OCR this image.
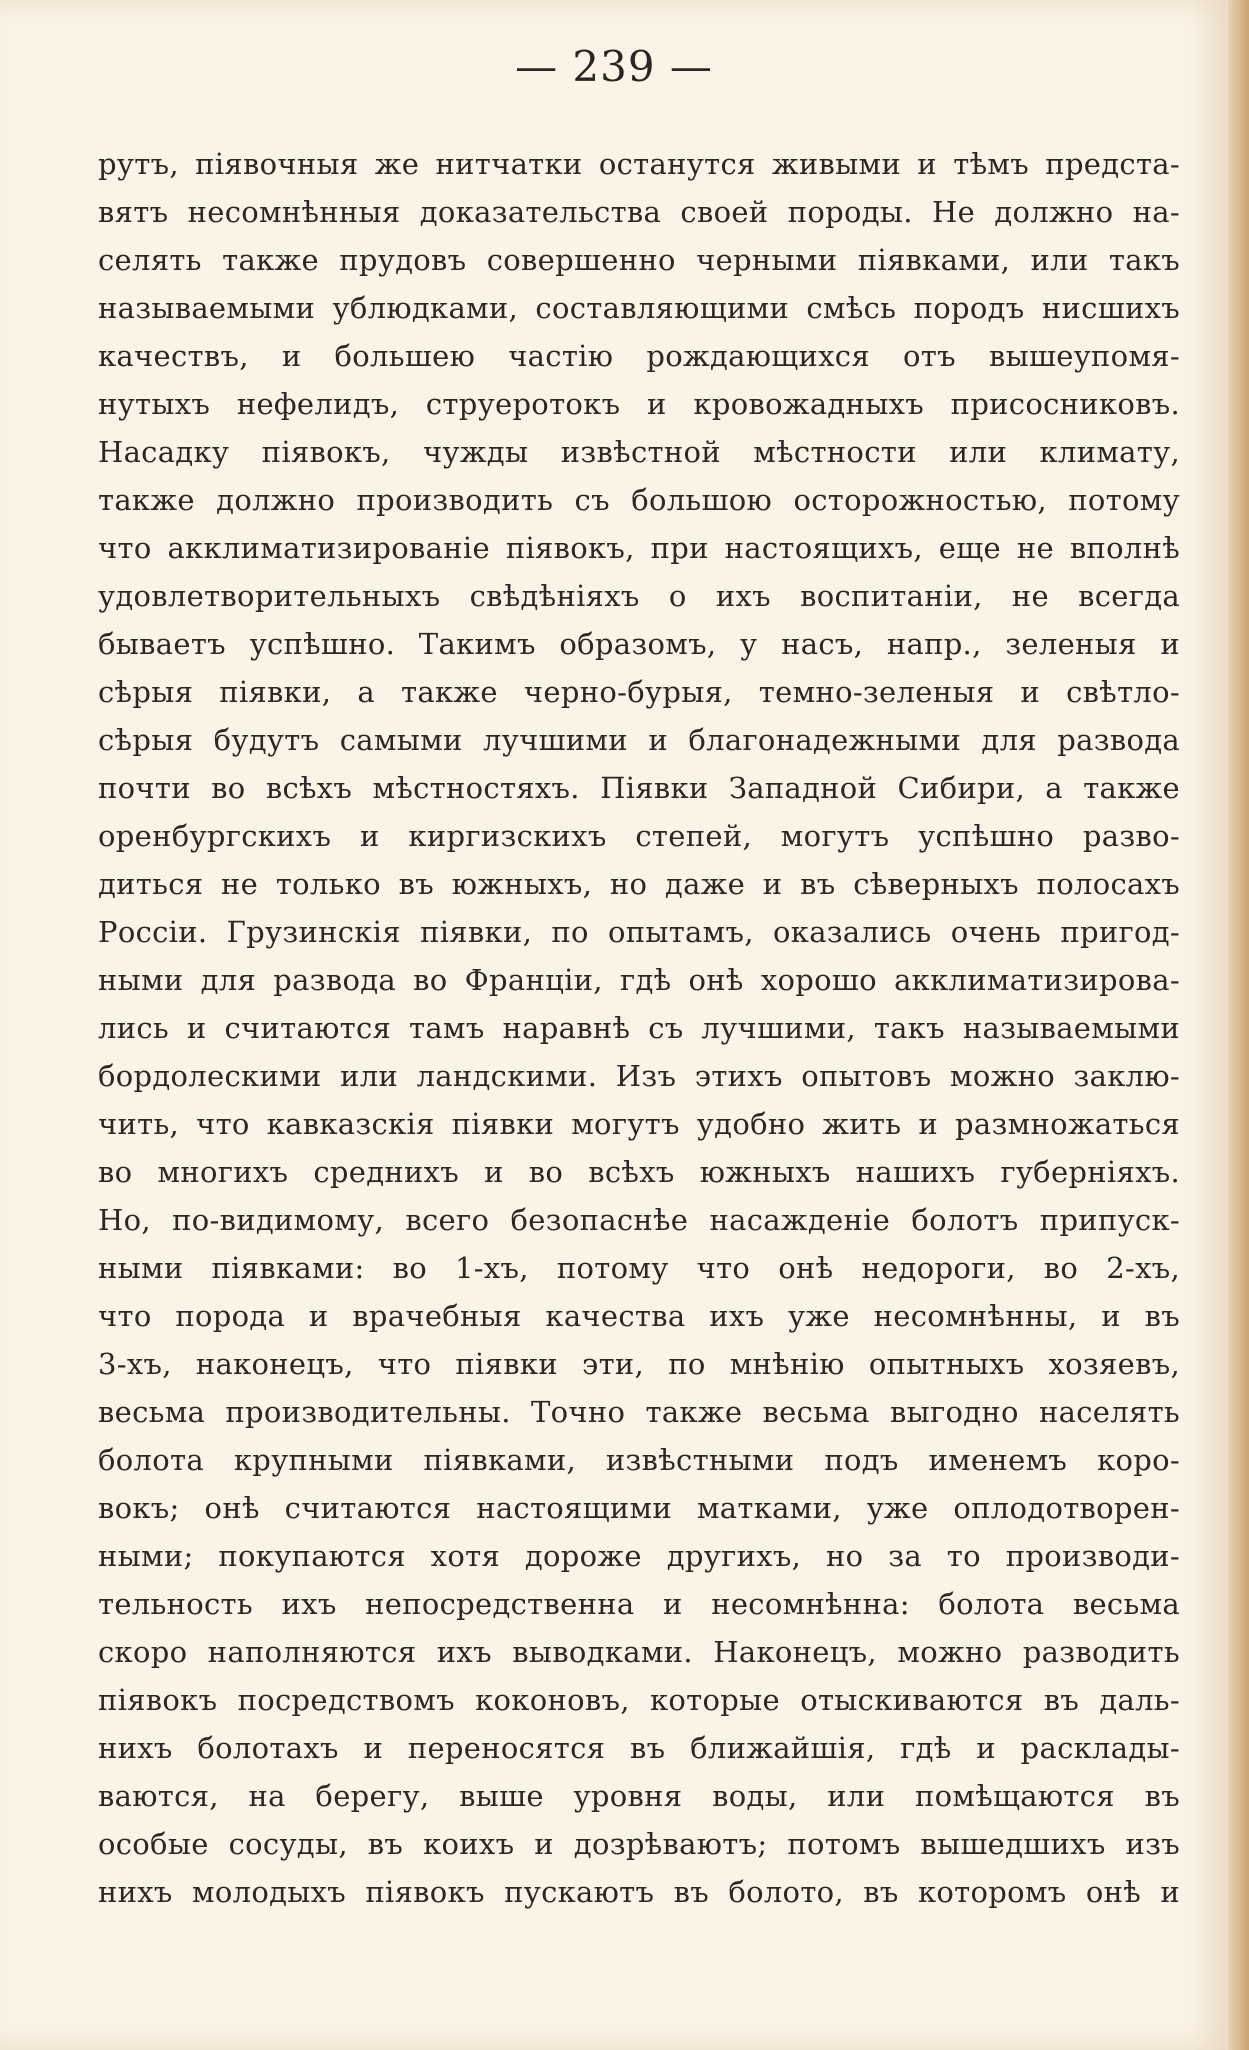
— 239 —
рутъ, піявочныя же нитчатки останутся живыми и тѣмъ предста-
вятъ несомнѣнныя доказательства своей породы. Не должно на-
селять также прудовъ совершенно черными піявками, или такъ
называемыми ублюдками, составляющими смѣсь породъ нисшихъ
качествъ, и большею частію рождающихся отъ вышеупомя-
нутыхъ нефелидъ, струеротокъ и кровожадныхъ присосниковъ.
Насадку піявокъ, чужды извѣстной мѣстности или климату,
также должно производить съ большою осторожностью, потому
что акклиматизированіе піявокъ, при настоящихъ, еще не вполнѣ
удовлетворительныхъ свѣдѣніяхъ о ихъ воспитаніи, не всегда
бываетъ успѣшно. Такимъ образомъ, у насъ, напр., зеленыя и
сѣрыя піявки, а также черно-бурыя, темно-зеленыя и свѣтло-
сѣрыя будутъ самыми лучшими и благонадежными для развода
почти во всѣхъ мѣстностяхъ. Піявки Западной Сибири, а также
оренбургскихъ и киргизскихъ степей, могутъ успѣшно разво-
диться не только въ южныхъ, но даже и въ сѣверныхъ полосахъ
Россіи. Грузинскія піявки, по опытамъ, оказались очень пригод-
ными для развода во Франціи, гдѣ онѣ хорошо акклиматизирова-
лись и считаются тамъ наравнѣ съ лучшими, такъ называемыми
бордолескими или ландскими. Изъ этихъ опытовъ можно заклю-
чить, что кавказскія піявки могутъ удобно жить и размножаться
во многихъ среднихъ и во всѣхъ южныхъ нашихъ губерніяхъ.
Но, по-видимому, всего безопаснѣе насажденіе болотъ припуск-
ными піявками: во 1-хъ, потому что онѣ недороги, во 2-хъ,
что порода и врачебныя качества ихъ уже несомнѣнны, и въ
3-хъ, наконецъ, что піявки эти, по мнѣнію опытныхъ хозяевъ,
весьма производительны. Точно также весьма выгодно населять
болота крупными піявками, извѣстными подъ именемъ коро-
вокъ; онѣ считаются настоящими матками, уже оплодотворен-
ными; покупаются хотя дороже другихъ, но за то производи-
тельность ихъ непосредственна и несомнѣнна: болота весьма
скоро наполняются ихъ выводками. Наконецъ, можно разводить
піявокъ посредствомъ коконовъ, которые отыскиваются въ даль-
нихъ болотахъ и переносятся въ ближайшія, гдѣ и расклады-
ваются, на берегу, выше уровня воды, или помѣщаются въ
особые сосуды, въ коихъ и дозрѣваютъ; потомъ вышедшихъ изъ
нихъ молодыхъ піявокъ пускаютъ въ болото, въ которомъ онѣ и
